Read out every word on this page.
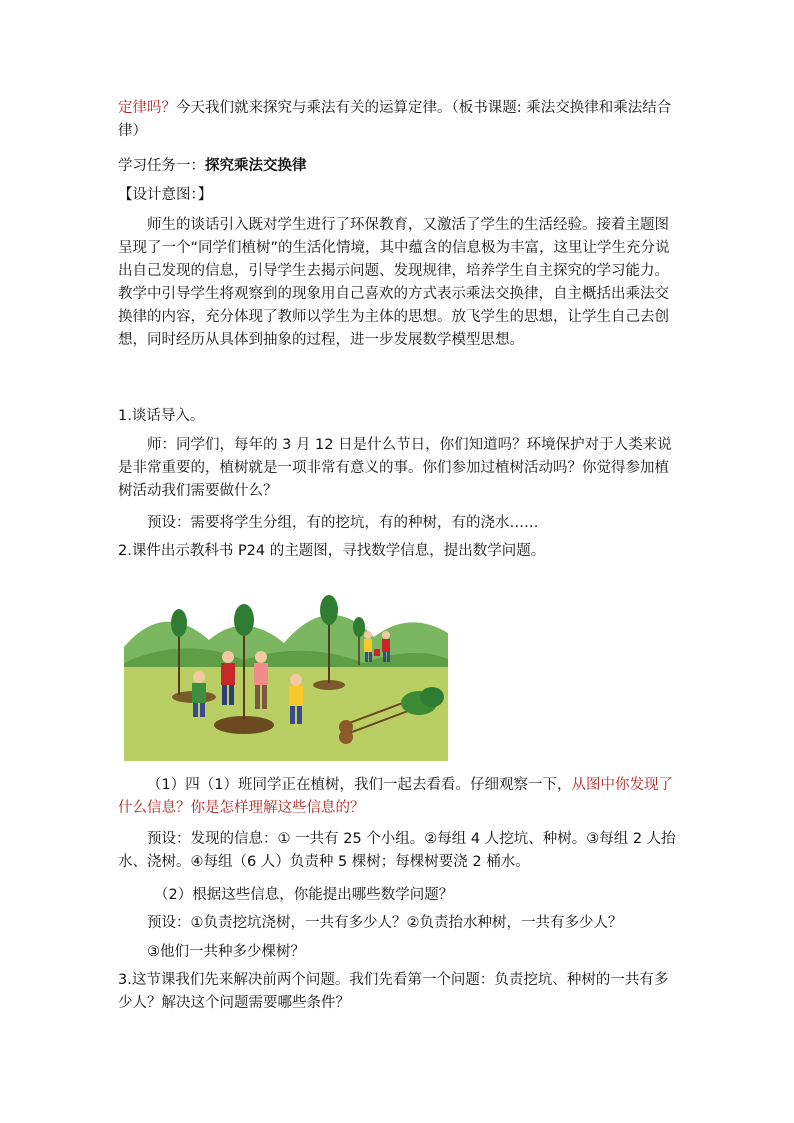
定律吗？今天我们就来探究与乘法有关的运算定律。（板书课题: 乘法交换律和乘法结合律）

学习任务一：探究乘法交换律

【设计意图：】

师生的谈话引入既对学生进行了环保教育，又激活了学生的生活经验。接着主题图呈现了一个“同学们植树”的生活化情境，其中蕴含的信息极为丰富，这里让学生充分说出自己发现的信息，引导学生去揭示问题、发现规律，培养学生自主探究的学习能力。教学中引导学生将观察到的现象用自己喜欢的方式表示乘法交换律，自主概括出乘法交换律的内容，充分体现了教师以学生为主体的思想。放飞学生的思想，让学生自己去创想，同时经历从具体到抽象的过程，进一步发展数学模型思想。

1.谈话导入。

师：同学们，每年的 3 月 12 日是什么节日，你们知道吗？环境保护对于人类来说是非常重要的，植树就是一项非常有意义的事。你们参加过植树活动吗？你觉得参加植树活动我们需要做什么？

预设：需要将学生分组，有的挖坑，有的种树，有的浇水……

2.课件出示教科书 P24 的主题图，寻找数学信息，提出数学问题。

（1）四（1）班同学正在植树，我们一起去看看。仔细观察一下，从图中你发现了什么信息？你是怎样理解这些信息的？

预设：发现的信息：① 一共有 25 个小组。②每组 4 人挖坑、种树。③每组 2 人抬水、浇树。④每组（6 人）负责种 5 棵树；每棵树要浇 2 桶水。

（2）根据这些信息，你能提出哪些数学问题？

预设：①负责挖坑浇树，一共有多少人？②负责抬水种树，一共有多少人？

③他们一共种多少棵树？

3.这节课我们先来解决前两个问题。我们先看第一个问题：负责挖坑、种树的一共有多少人？解决这个问题需要哪些条件？
